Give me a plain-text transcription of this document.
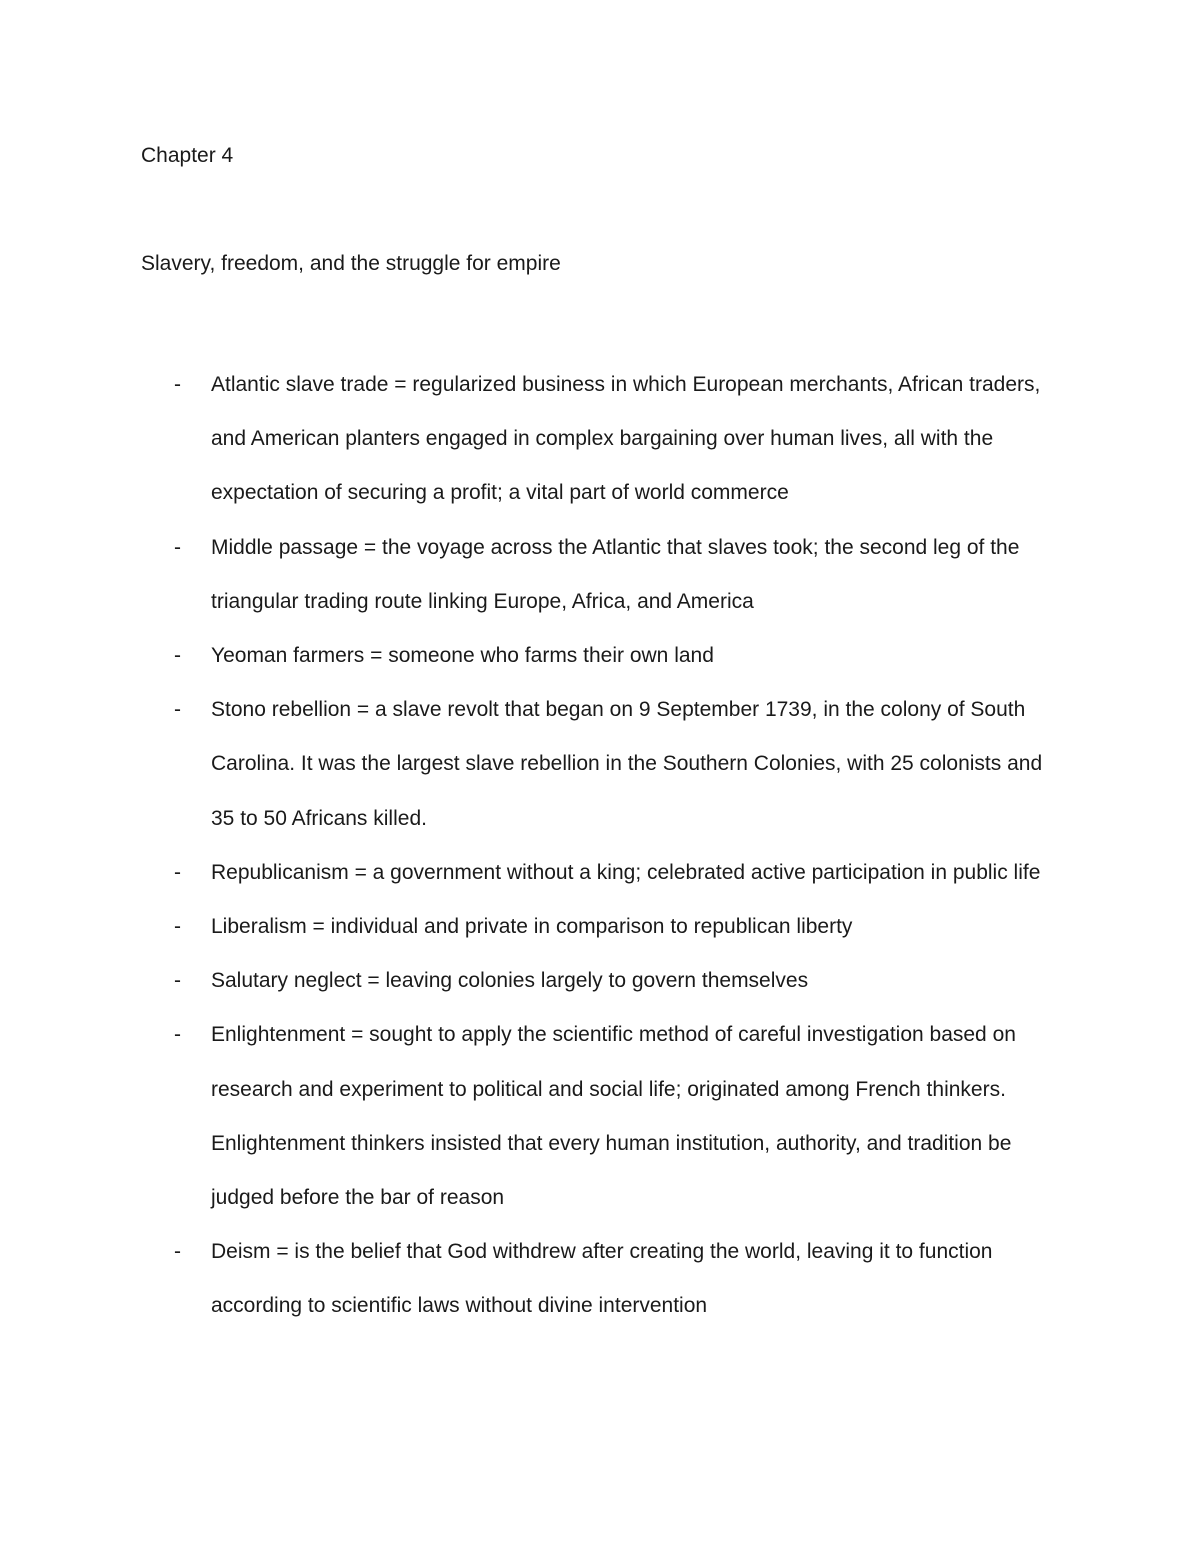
Chapter 4
Slavery, freedom, and the struggle for empire
- Atlantic slave trade = regularized business in which European merchants, African traders, and American planters engaged in complex bargaining over human lives, all with the expectation of securing a profit; a vital part of world commerce
- Middle passage = the voyage across the Atlantic that slaves took; the second leg of the triangular trading route linking Europe, Africa, and America
- Yeoman farmers = someone who farms their own land
- Stono rebellion = a slave revolt that began on 9 September 1739, in the colony of South Carolina. It was the largest slave rebellion in the Southern Colonies, with 25 colonists and 35 to 50 Africans killed.
- Republicanism = a government without a king; celebrated active participation in public life
- Liberalism = individual and private in comparison to republican liberty
- Salutary neglect = leaving colonies largely to govern themselves
- Enlightenment = sought to apply the scientific method of careful investigation based on research and experiment to political and social life; originated among French thinkers. Enlightenment thinkers insisted that every human institution, authority, and tradition be judged before the bar of reason
- Deism = is the belief that God withdrew after creating the world, leaving it to function according to scientific laws without divine intervention
